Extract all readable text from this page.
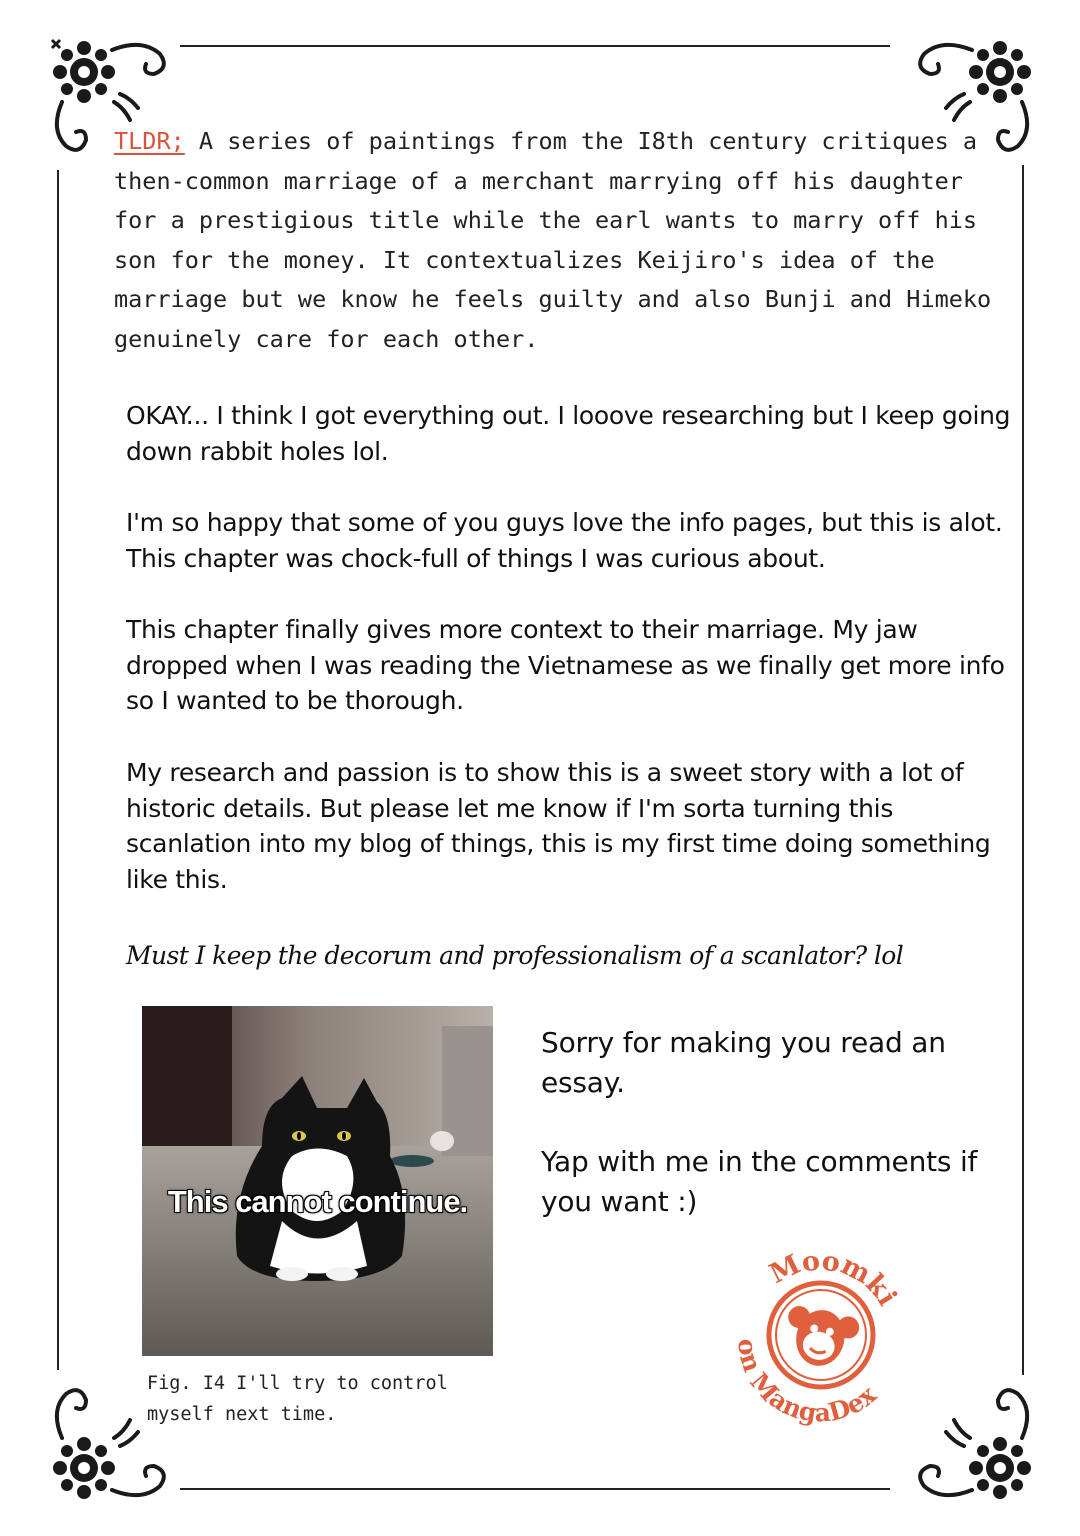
TLDR; A series of paintings from the I8th century critiques a then-common marriage of a merchant marrying off his daughter for a prestigious title while the earl wants to marry off his son for the money. It contextualizes Keijiro's idea of the marriage but we know he feels guilty and also Bunji and Himeko genuinely care for each other.

OKAY... I think I got everything out. I looove researching but I keep going down rabbit holes lol.

I'm so happy that some of you guys love the info pages, but this is alot. This chapter was chock-full of things I was curious about.

This chapter finally gives more context to their marriage. My jaw dropped when I was reading the Vietnamese as we finally get more info so I wanted to be thorough.

My research and passion is to show this is a sweet story with a lot of historic details. But please let me know if I'm sorta turning this scanlation into my blog of things, this is my first time doing something like this.

Must I keep the decorum and professionalism of a scanlator? lol

This cannot continue.

Fig. I4 I'll try to control myself next time.

Sorry for making you read an essay.

Yap with me in the comments if you want :)

Moomki
on MangaDex
